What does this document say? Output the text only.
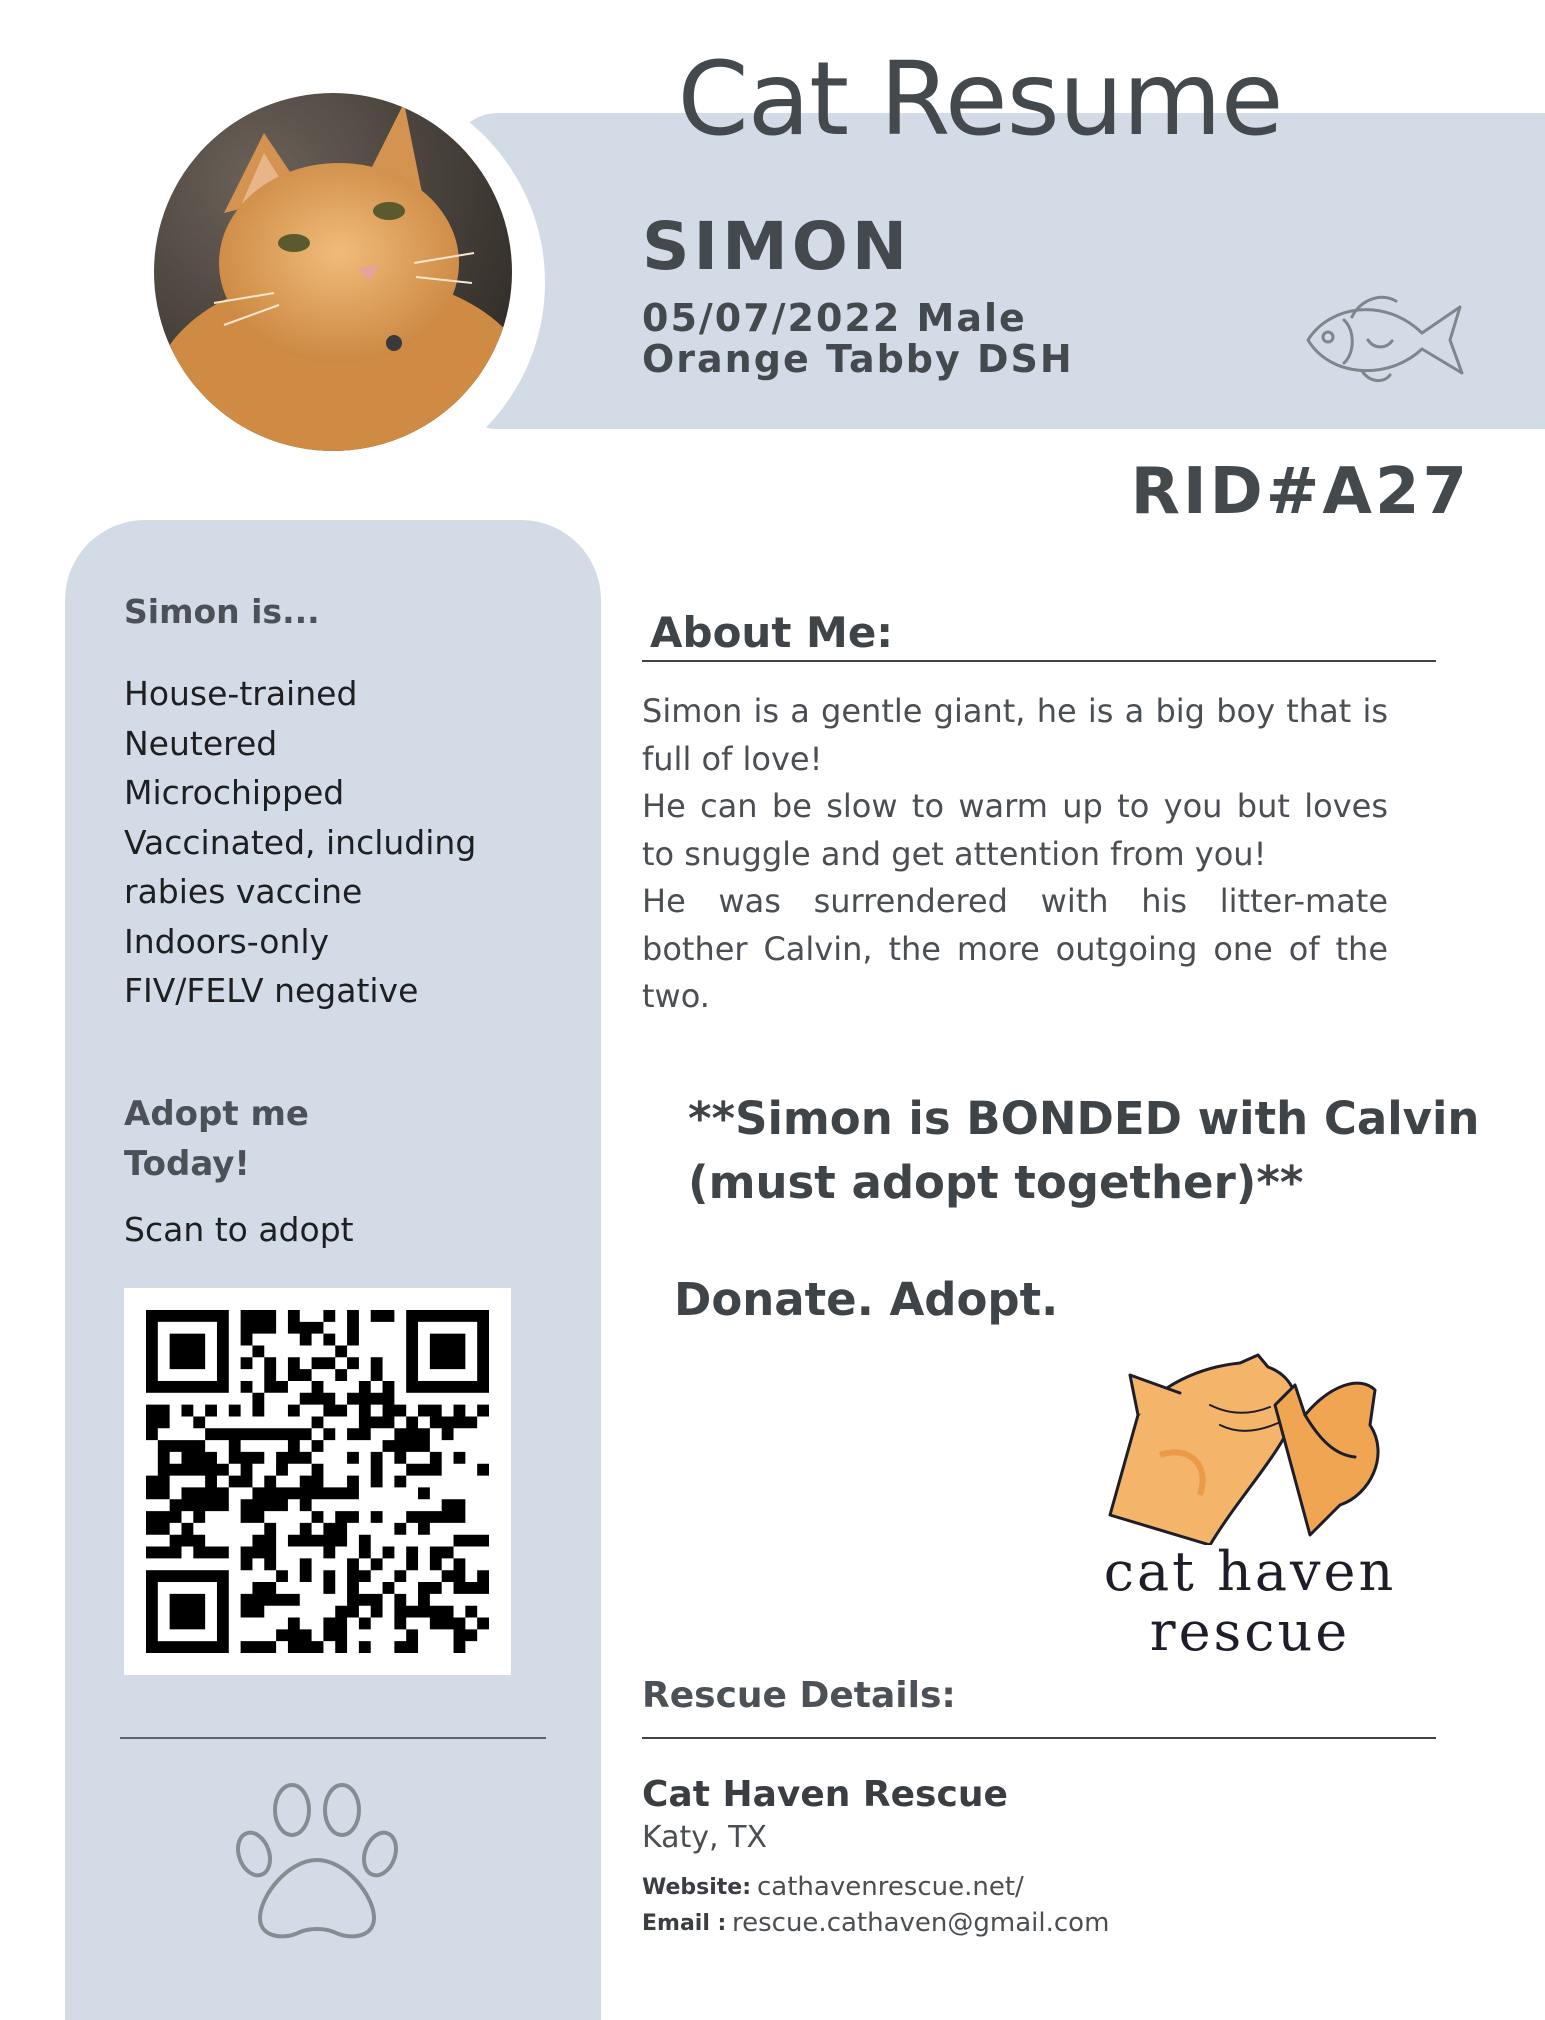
Cat Resume
SIMON
05/07/2022 Male
Orange Tabby DSH
RID#A27
Simon is...
House-trained
Neutered
Microchipped
Vaccinated, including
rabies vaccine
Indoors-only
FIV/FELV negative
Adopt me
Today!
Scan to adopt
About Me:

Simon is a gentle giant, he is a big boy that is full of love!

He can be slow to warm up to you but loves to snuggle and get attention from you!

He was surrendered with his litter-mate bother Calvin, the more outgoing one of the two.

**Simon is BONDED with Calvin
(must adopt together)**
Donate. Adopt.
cat haven
rescue
Rescue Details:
Cat Haven Rescue
Katy, TX
Website: cathavenrescue.net/
Email : rescue.cathaven@gmail.com
